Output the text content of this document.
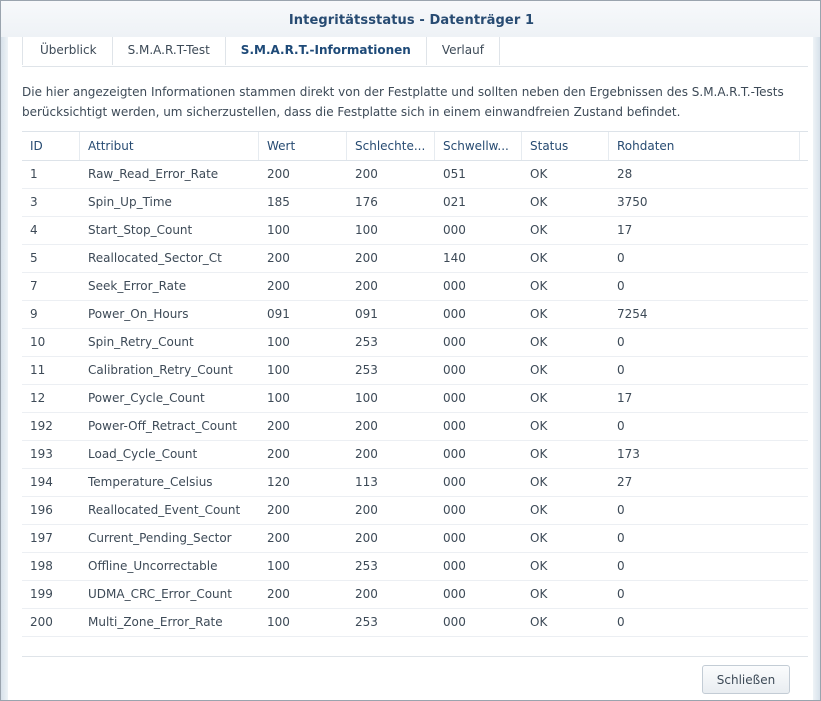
Integritätsstatus - Datenträger 1
Überblick	S.M.A.R.T-Test	S.M.A.R.T.-Informationen	Verlauf
Die hier angezeigten Informationen stammen direkt von der Festplatte und sollten neben den Ergebnissen des S.M.A.R.T.-Tests berücksichtigt werden, um sicherzustellen, dass die Festplatte sich in einem einwandfreien Zustand befindet.
ID	Attribut	Wert	Schlechte...	Schwellw...	Status	Rohdaten
1	Raw_Read_Error_Rate	200	200	051	OK	28
3	Spin_Up_Time	185	176	021	OK	3750
4	Start_Stop_Count	100	100	000	OK	17
5	Reallocated_Sector_Ct	200	200	140	OK	0
7	Seek_Error_Rate	200	200	000	OK	0
9	Power_On_Hours	091	091	000	OK	7254
10	Spin_Retry_Count	100	253	000	OK	0
11	Calibration_Retry_Count	100	253	000	OK	0
12	Power_Cycle_Count	100	100	000	OK	17
192	Power-Off_Retract_Count	200	200	000	OK	0
193	Load_Cycle_Count	200	200	000	OK	173
194	Temperature_Celsius	120	113	000	OK	27
196	Reallocated_Event_Count	200	200	000	OK	0
197	Current_Pending_Sector	200	200	000	OK	0
198	Offline_Uncorrectable	100	253	000	OK	0
199	UDMA_CRC_Error_Count	200	200	000	OK	0
200	Multi_Zone_Error_Rate	100	253	000	OK	0
Schließen
